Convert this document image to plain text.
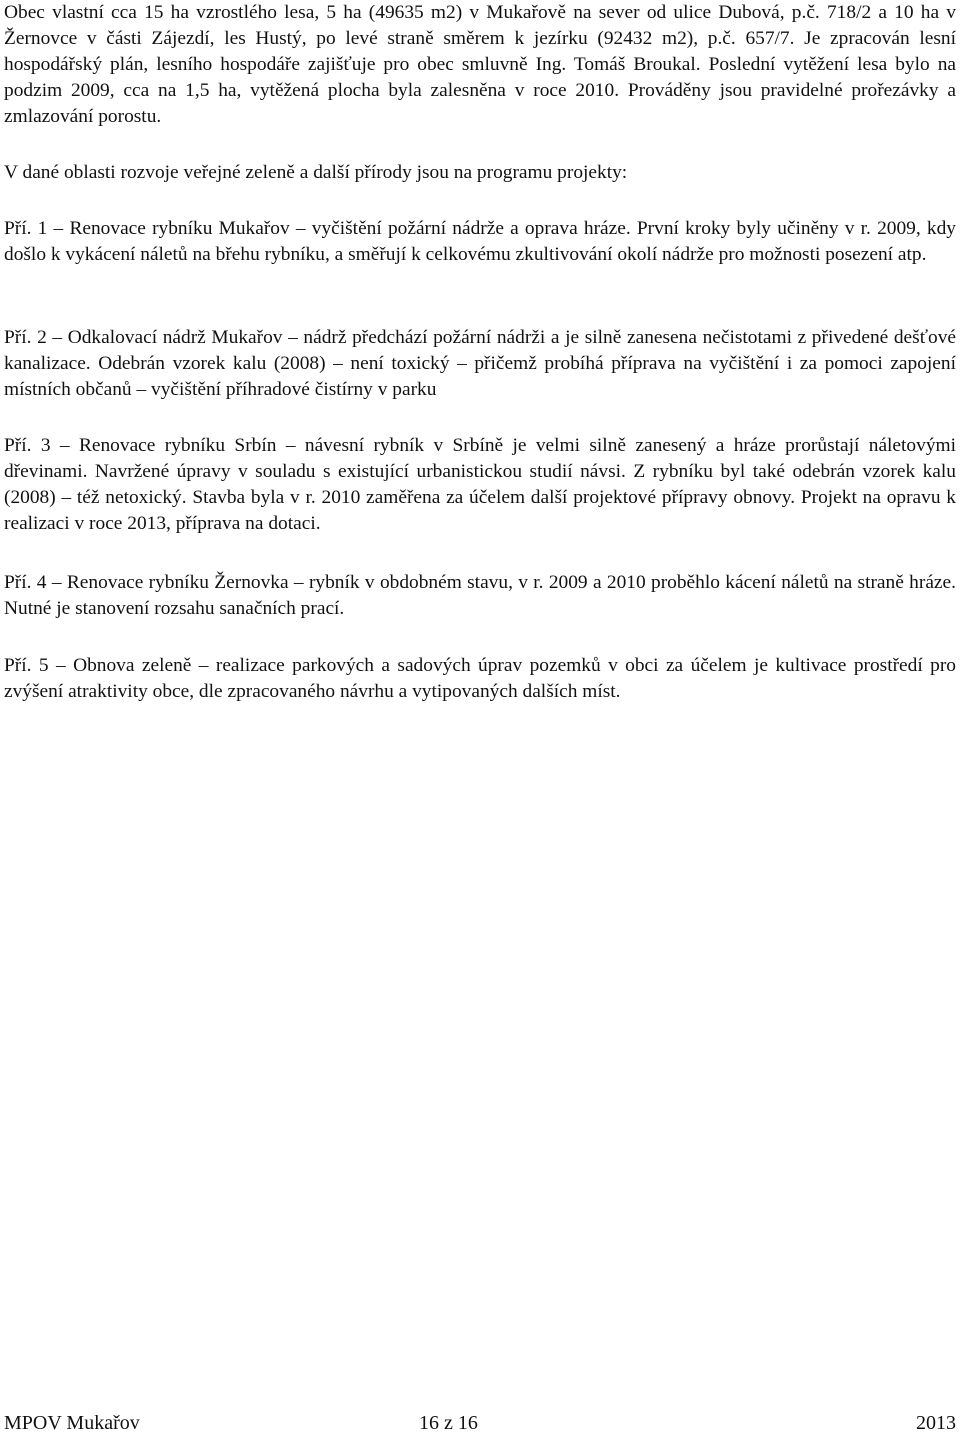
Obec vlastní cca 15 ha vzrostlého lesa, 5 ha (49635 m2) v Mukařově na sever od ulice Dubová, p.č. 718/2 a 10 ha v Žernovce v části Zájezdí, les Hustý, po levé straně směrem k jezírku (92432 m2), p.č. 657/7. Je zpracován lesní hospodářský plán, lesního hospodáře zajišťuje pro obec smluvně Ing. Tomáš Broukal. Poslední vytěžení lesa bylo na podzim 2009, cca na 1,5 ha, vytěžená plocha byla zalesněna v roce 2010. Prováděny jsou pravidelné prořezávky a zmlazování porostu.

V dané oblasti rozvoje veřejné zeleně a další přírody jsou na programu projekty:

Pří. 1 – Renovace rybníku Mukařov – vyčištění požární nádrže a oprava hráze. První kroky byly učiněny v r. 2009, kdy došlo k vykácení náletů na břehu rybníku, a směřují k celkovému zkultivování okolí nádrže pro možnosti posezení atp.

Pří. 2 – Odkalovací nádrž Mukařov – nádrž předchází požární nádrži a je silně zanesena nečistotami z přivedené dešťové kanalizace. Odebrán vzorek kalu (2008) – není toxický – přičemž probíhá příprava na vyčištění i za pomoci zapojení místních občanů – vyčištění příhradové čistírny v parku

Pří. 3 – Renovace rybníku Srbín – návesní rybník v Srbíně je velmi silně zanesený a hráze prorůstají náletovými dřevinami. Navržené úpravy v souladu s existující urbanistickou studií návsi. Z rybníku byl také odebrán vzorek kalu (2008) – též netoxický. Stavba byla v r. 2010 zaměřena za účelem další projektové přípravy obnovy. Projekt na opravu k realizaci v roce 2013, příprava na dotaci.

Pří. 4 – Renovace rybníku Žernovka – rybník v obdobném stavu, v r. 2009 a 2010 proběhlo kácení náletů na straně hráze. Nutné je stanovení rozsahu sanačních prací.

Pří. 5 – Obnova zeleně – realizace parkových a sadových úprav pozemků v obci za účelem je kultivace prostředí pro zvýšení atraktivity obce, dle zpracovaného návrhu a vytipovaných dalších míst.

MPOV Mukařov	16 z 16	2013
